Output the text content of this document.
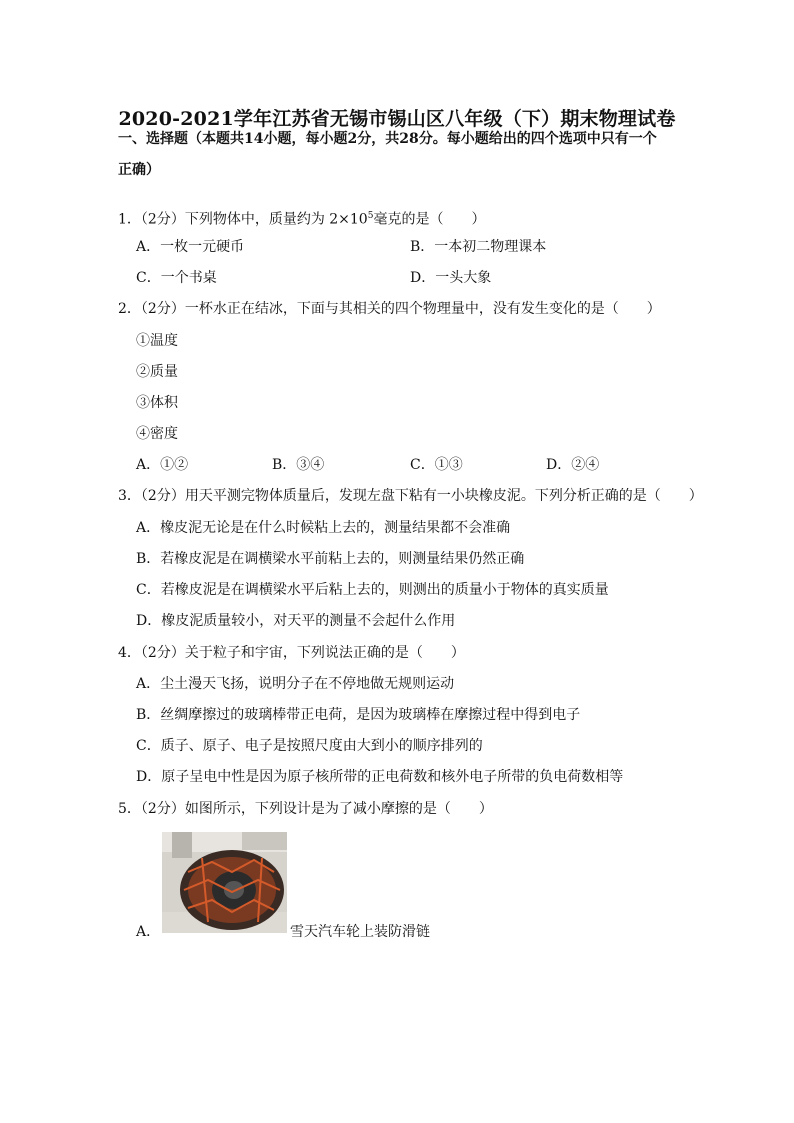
2020-2021学年江苏省无锡市锡山区八年级（下）期末物理试卷
一、选择题（本题共14小题，每小题2分，共28分。每小题给出的四个选项中只有一个
正确）
1．（2分）下列物体中，质量约为 $2\times 10^5$毫克的是（　　）
A．一枚一元硬币	B．一本初二物理课本
C．一个书桌	D．一头大象
2．（2分）一杯水正在结冰，下面与其相关的四个物理量中，没有发生变化的是（　　）
①温度
②质量
③体积
④密度
A．①②	B．③④	C．①③	D．②④
3．（2分）用天平测完物体质量后，发现左盘下粘有一小块橡皮泥。下列分析正确的是（　　）
A．橡皮泥无论是在什么时候粘上去的，测量结果都不会准确
B．若橡皮泥是在调横梁水平前粘上去的，则测量结果仍然正确
C．若橡皮泥是在调横梁水平后粘上去的，则测出的质量小于物体的真实质量
D．橡皮泥质量较小，对天平的测量不会起什么作用
4．（2分）关于粒子和宇宙，下列说法正确的是（　　）
A．尘土漫天飞扬，说明分子在不停地做无规则运动
B．丝绸摩擦过的玻璃棒带正电荷，是因为玻璃棒在摩擦过程中得到电子
C．质子、原子、电子是按照尺度由大到小的顺序排列的
D．原子呈电中性是因为原子核所带的正电荷数和核外电子所带的负电荷数相等
5．（2分）如图所示，下列设计是为了减小摩擦的是（　　）
A．	雪天汽车轮上装防滑链
